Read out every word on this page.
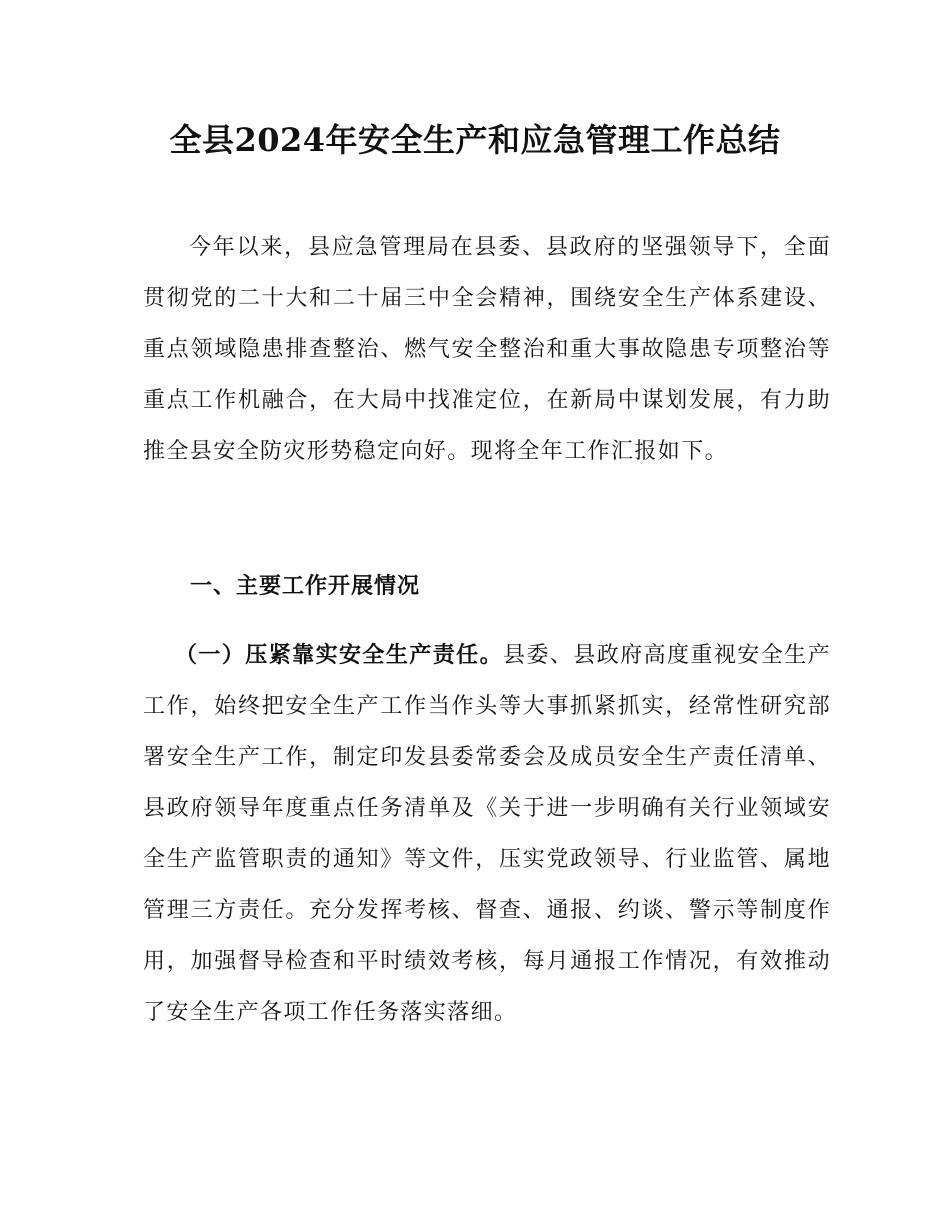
全县2024年安全生产和应急管理工作总结

今年以来，县应急管理局在县委、县政府的坚强领导下，全面贯彻党的二十大和二十届三中全会精神，围绕安全生产体系建设、重点领域隐患排查整治、燃气安全整治和重大事故隐患专项整治等重点工作机融合，在大局中找准定位，在新局中谋划发展，有力助推全县安全防灾形势稳定向好。现将全年工作汇报如下。

一、主要工作开展情况

（一）压紧靠实安全生产责任。县委、县政府高度重视安全生产工作，始终把安全生产工作当作头等大事抓紧抓实，经常性研究部署安全生产工作，制定印发县委常委会及成员安全生产责任清单、县政府领导年度重点任务清单及《关于进一步明确有关行业领域安全生产监管职责的通知》等文件，压实党政领导、行业监管、属地管理三方责任。充分发挥考核、督查、通报、约谈、警示等制度作用，加强督导检查和平时绩效考核，每月通报工作情况，有效推动了安全生产各项工作任务落实落细。
